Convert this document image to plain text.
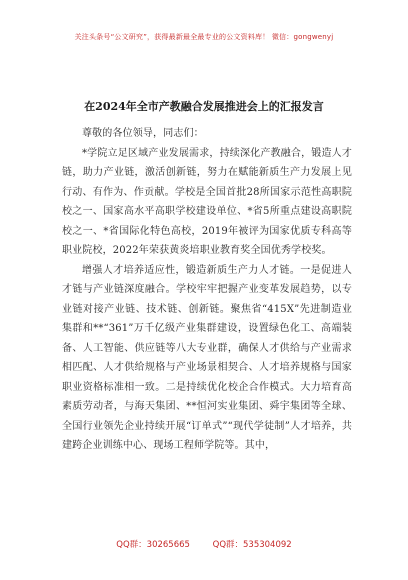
关注头条号“公文研究”，获得最新最全最专业的公文资料库！ 微信：gongwenyj
在2024年全市产教融合发展推进会上的汇报发言

尊敬的各位领导，同志们：

*学院立足区域产业发展需求，持续深化产教融合，锻造人才链，助力产业链，激活创新链，努力在赋能新质生产力发展上见行动、有作为、作贡献。学校是全国首批28所国家示范性高职院校之一、国家高水平高职学校建设单位、*省5所重点建设高职院校之一、*省国际化特色高校，2019年被评为国家优质专科高等职业院校，2022年荣获黄炎培职业教育奖全国优秀学校奖。

增强人才培养适应性，锻造新质生产力人才链。一是促进人才链与产业链深度融合。学校牢牢把握产业变革发展趋势，以专业链对接产业链、技术链、创新链。聚焦省“415X”先进制造业集群和**“361”万千亿级产业集群建设，设置绿色化工、高端装备、人工智能、供应链等八大专业群，确保人才供给与产业需求相匹配、人才供给规格与产业场景相契合、人才培养规格与国家职业资格标准相一致。二是持续优化校企合作模式。大力培育高素质劳动者，与海天集团、**恒河实业集团、舜宇集团等全球、全国行业领先企业持续开展“订单式”“现代学徒制”人才培养，共建跨企业训练中心、现场工程师学院等。其中，

QQ群：30265665	QQ群：535304092
